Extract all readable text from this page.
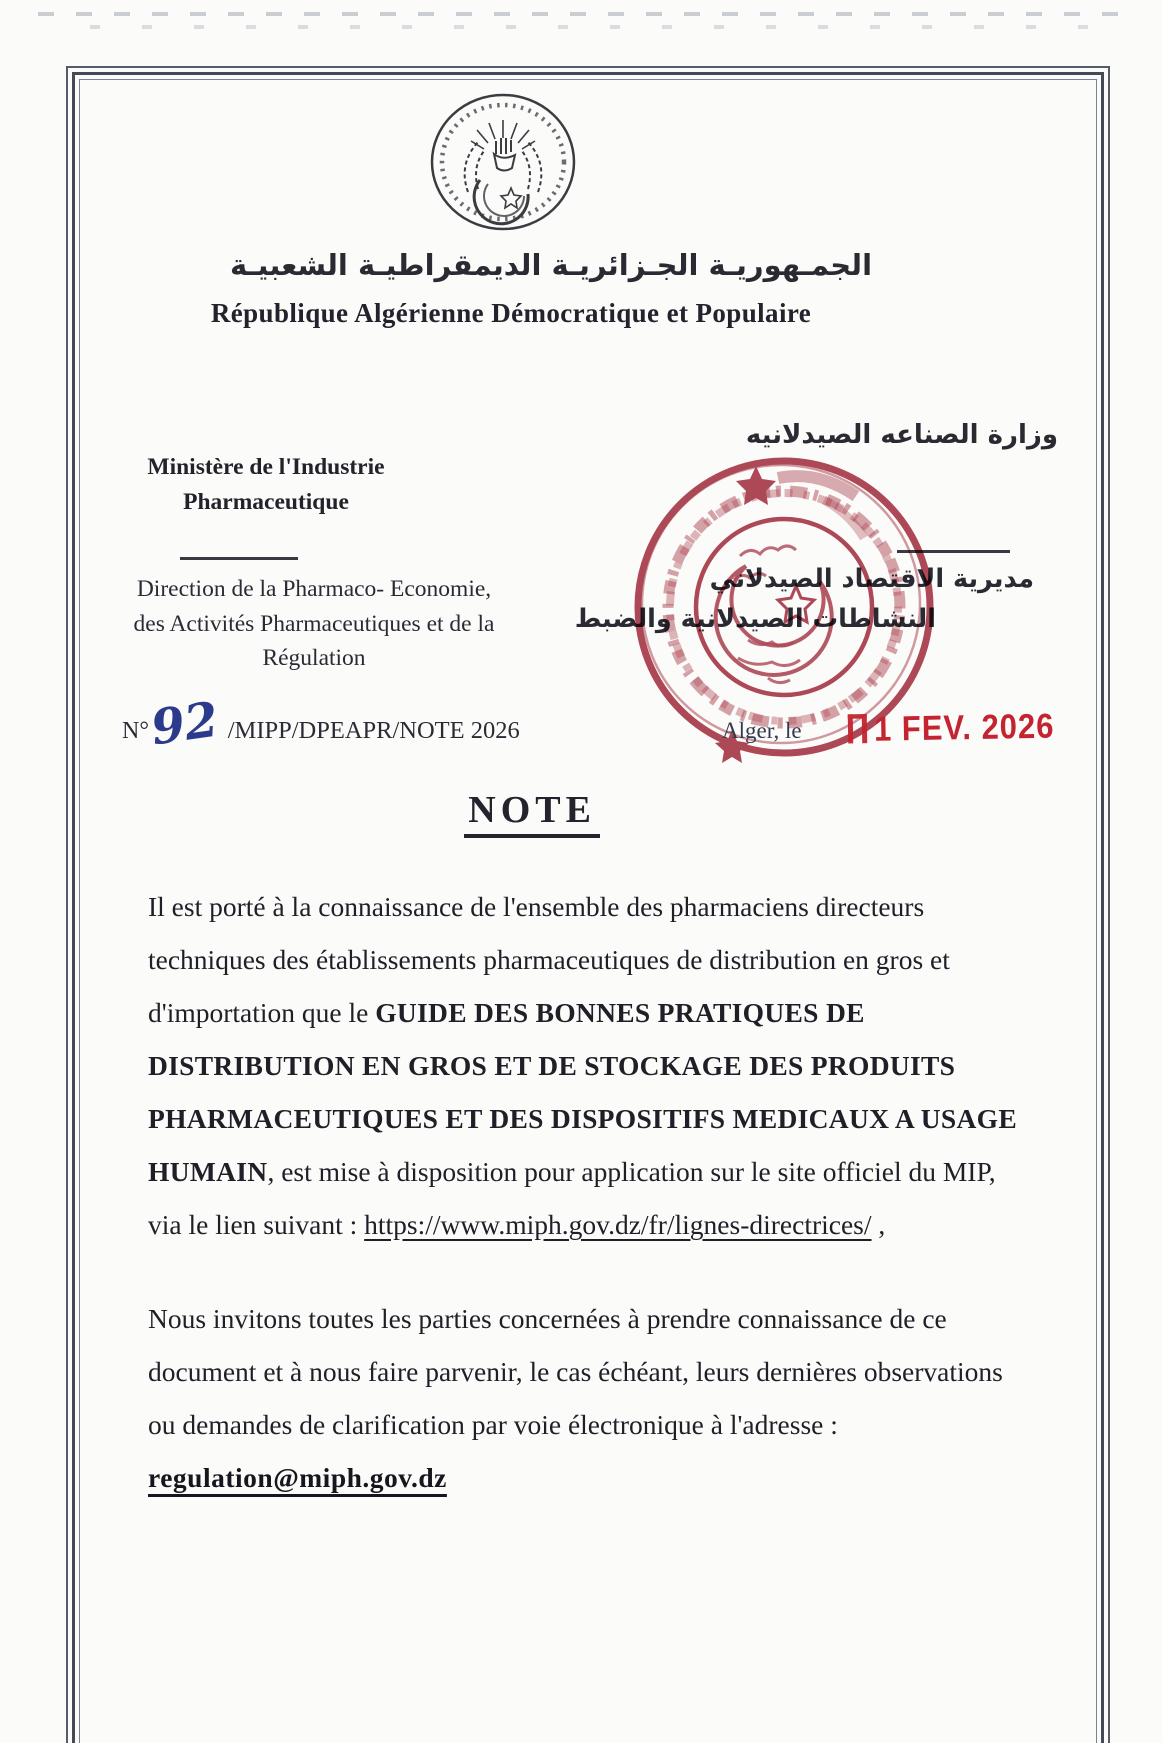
الجمـهوريـة الجـزائريـة الديمقراطيـة الشعبيـة
République Algérienne Démocratique et Populaire
Ministère de l'Industrie
Pharmaceutique
Direction de la Pharmaco- Economie,
des Activités Pharmaceutiques et de la
Régulation
N°92 /MIPP/DPEAPR/NOTE 2026
وزارة الصناعه الصيدلانيه
مديرية الاقتصاد الصيدلاني
النشاطات الصيدلانية والضبط
Alger, le	1 FEV. 2026
NOTE
Il est porté à la connaissance de l'ensemble des pharmaciens directeurs
techniques des établissements pharmaceutiques de distribution en gros et
d'importation que le GUIDE DES BONNES PRATIQUES DE
DISTRIBUTION EN GROS ET DE STOCKAGE DES PRODUITS
PHARMACEUTIQUES ET DES DISPOSITIFS MEDICAUX A USAGE
HUMAIN, est mise à disposition pour application sur le site officiel du MIP,
via le lien suivant : https://www.miph.gov.dz/fr/lignes-directrices/ ,
Nous invitons toutes les parties concernées à prendre connaissance de ce
document et à nous faire parvenir, le cas échéant, leurs dernières observations
ou demandes de clarification par voie électronique à l'adresse :
regulation@miph.gov.dz
